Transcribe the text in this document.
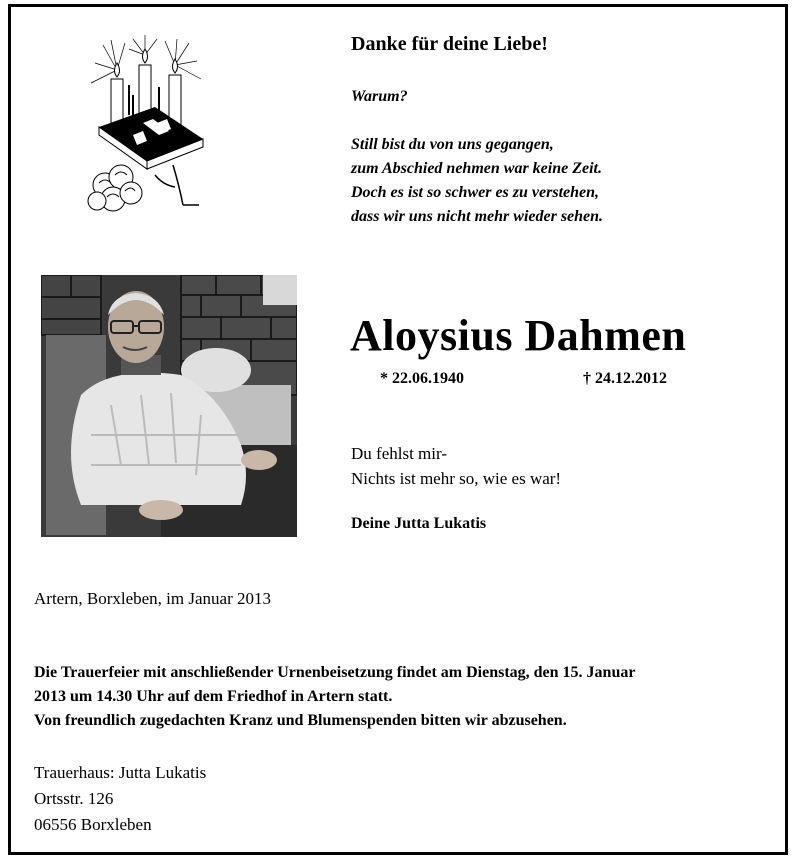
Danke für deine Liebe!
Warum?
Still bist du von uns gegangen,
zum Abschied nehmen war keine Zeit.
Doch es ist so schwer es zu verstehen,
dass wir uns nicht mehr wieder sehen.
Aloysius Dahmen
* 22.06.1940	† 24.12.2012
Du fehlst mir-
Nichts ist mehr so, wie es war!
Deine Jutta Lukatis
Artern, Borxleben, im Januar 2013
Die Trauerfeier mit anschließender Urnenbeisetzung findet am Dienstag, den 15. Januar
2013 um 14.30 Uhr auf dem Friedhof in Artern statt.
Von freundlich zugedachten Kranz und Blumenspenden bitten wir abzusehen.
Trauerhaus: Jutta Lukatis
Ortsstr. 126
06556 Borxleben
